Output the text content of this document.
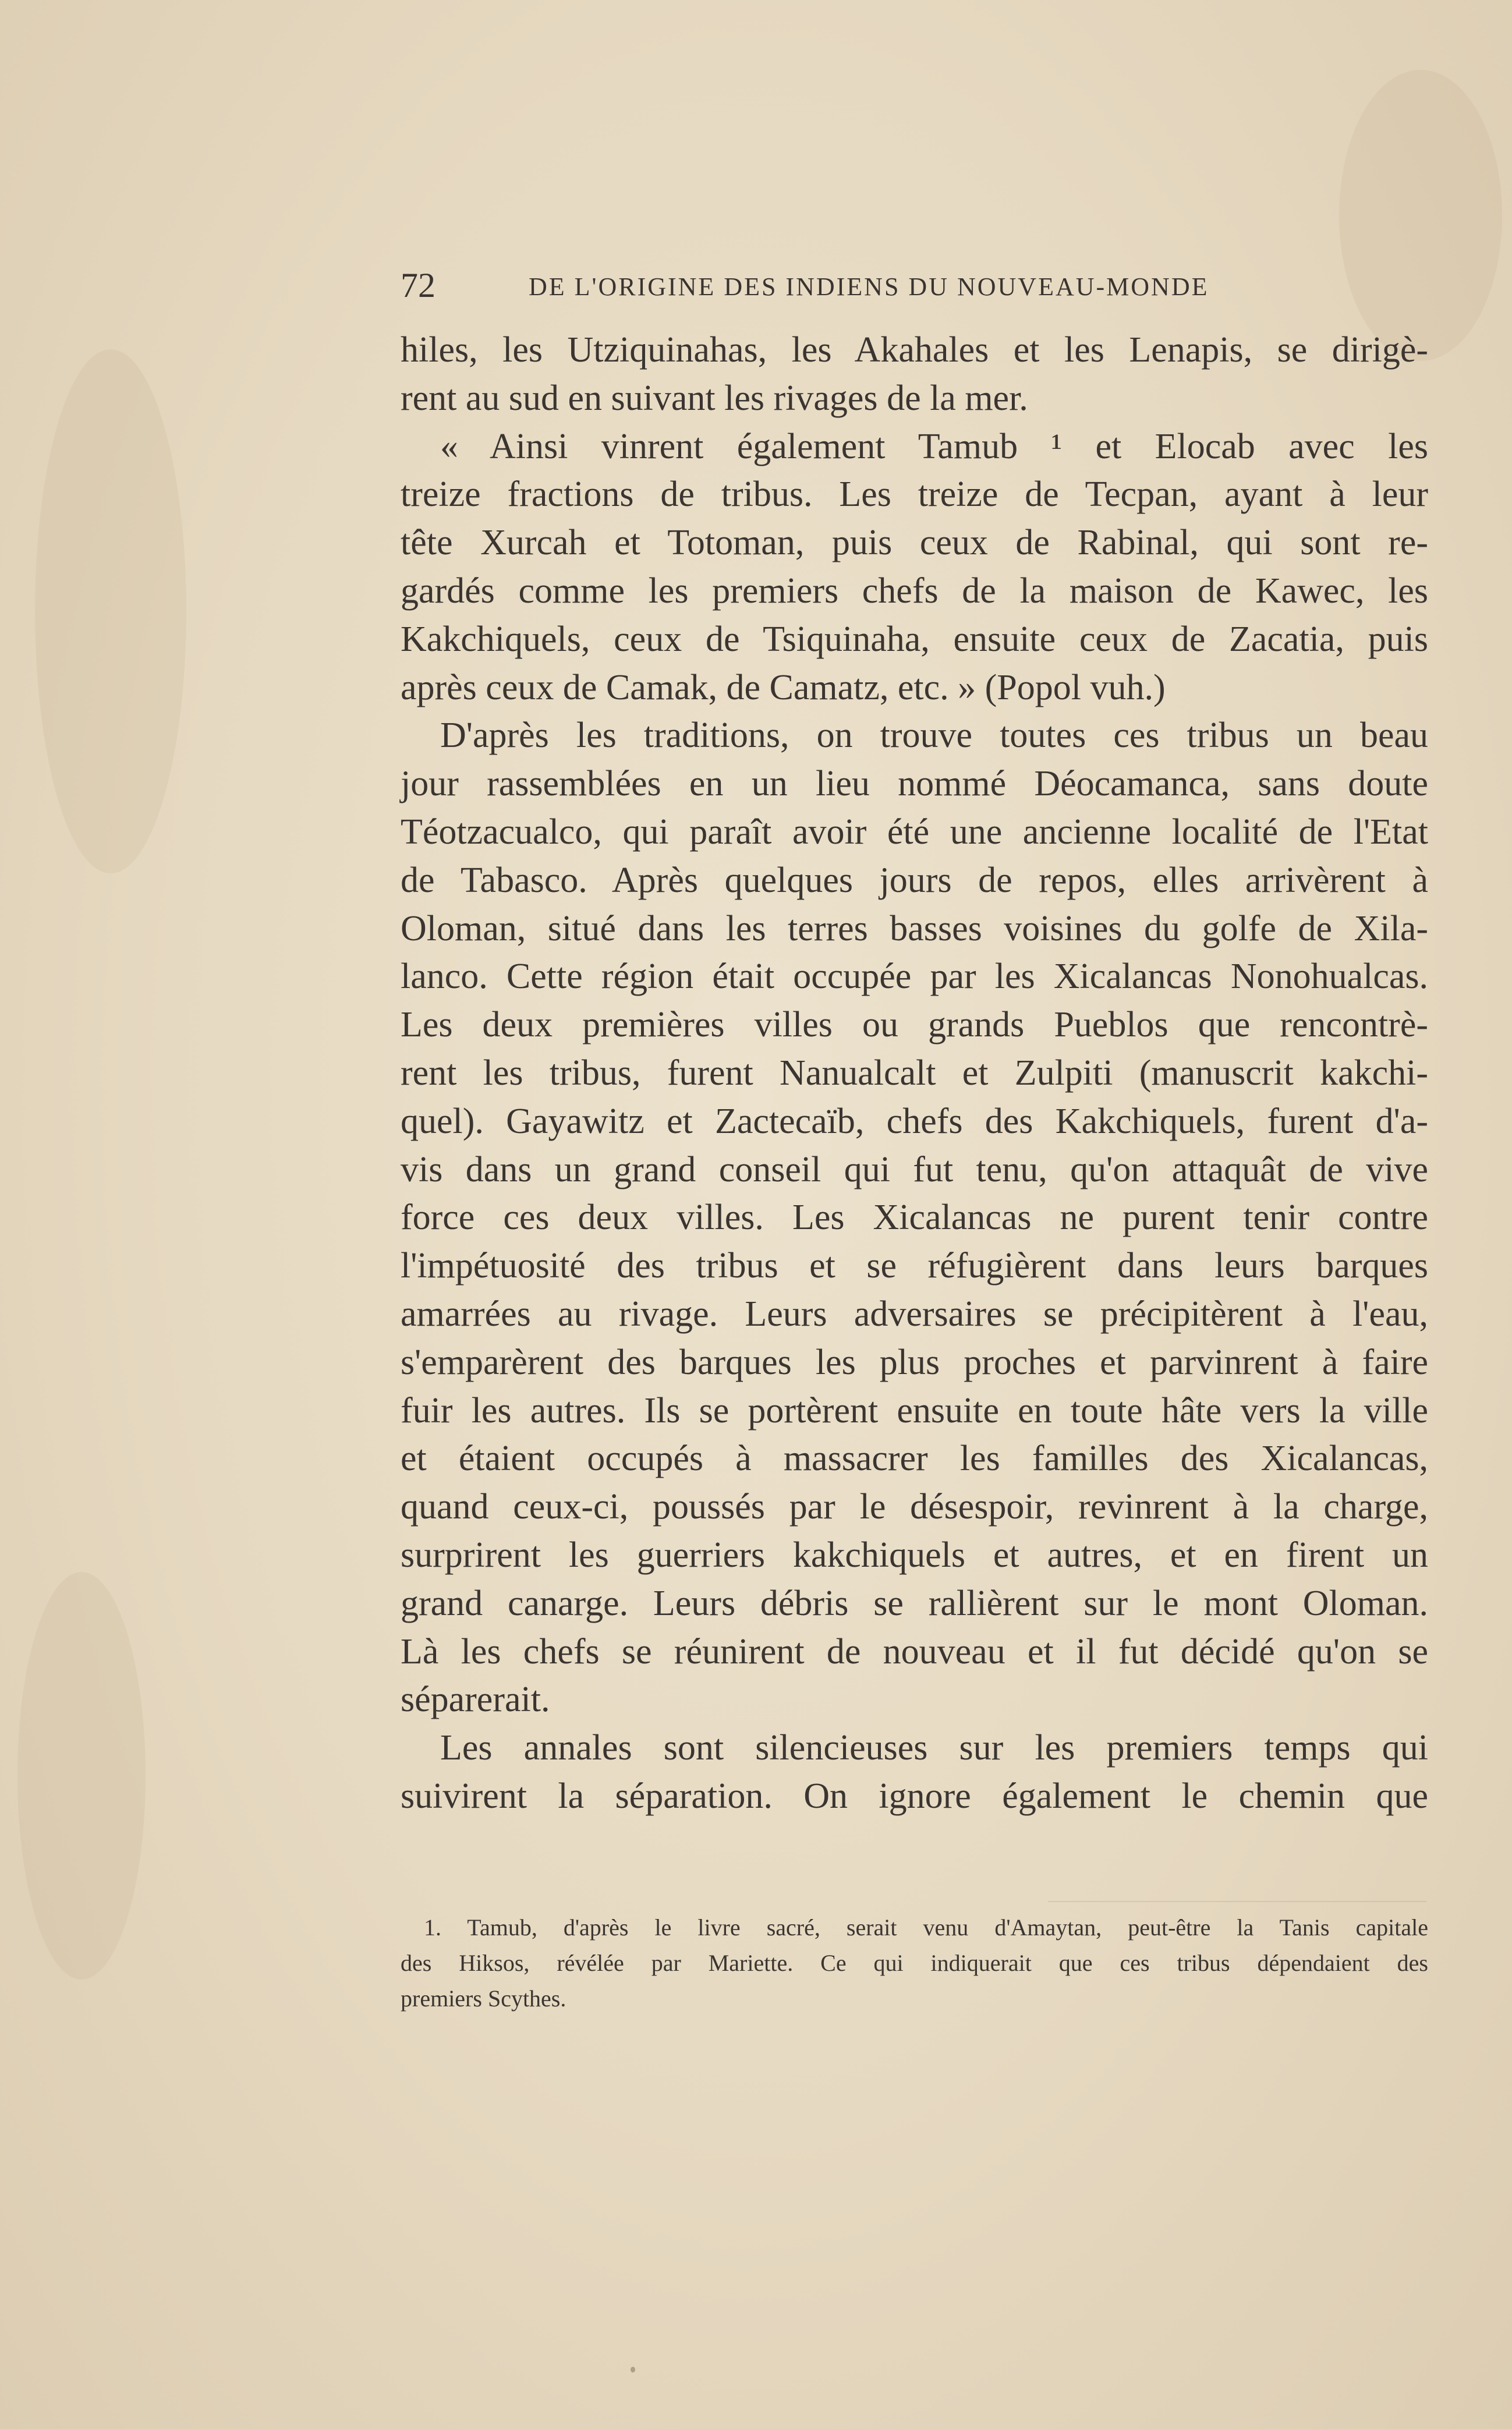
72	DE L'ORIGINE DES INDIENS DU NOUVEAU-MONDE
hiles, les Utziquinahas, les Akahales et les Lenapis, se dirigè-
rent au sud en suivant les rivages de la mer.
« Ainsi vinrent également Tamub ¹ et Elocab avec les
treize fractions de tribus. Les treize de Tecpan, ayant à leur
tête Xurcah et Totoman, puis ceux de Rabinal, qui sont re-
gardés comme les premiers chefs de la maison de Kawec, les
Kakchiquels, ceux de Tsiquinaha, ensuite ceux de Zacatia, puis
après ceux de Camak, de Camatz, etc. » (Popol vuh.)
D'après les traditions, on trouve toutes ces tribus un beau
jour rassemblées en un lieu nommé Déocamanca, sans doute
Téotzacualco, qui paraît avoir été une ancienne localité de l'Etat
de Tabasco. Après quelques jours de repos, elles arrivèrent à
Oloman, situé dans les terres basses voisines du golfe de Xila-
lanco. Cette région était occupée par les Xicalancas Nonohualcas.
Les deux premières villes ou grands Pueblos que rencontrè-
rent les tribus, furent Nanualcalt et Zulpiti (manuscrit kakchi-
quel). Gayawitz et Zactecaïb, chefs des Kakchiquels, furent d'a-
vis dans un grand conseil qui fut tenu, qu'on attaquât de vive
force ces deux villes. Les Xicalancas ne purent tenir contre
l'impétuosité des tribus et se réfugièrent dans leurs barques
amarrées au rivage. Leurs adversaires se précipitèrent à l'eau,
s'emparèrent des barques les plus proches et parvinrent à faire
fuir les autres. Ils se portèrent ensuite en toute hâte vers la ville
et étaient occupés à massacrer les familles des Xicalancas,
quand ceux-ci, poussés par le désespoir, revinrent à la charge,
surprirent les guerriers kakchiquels et autres, et en firent un
grand canarge. Leurs débris se rallièrent sur le mont Oloman.
Là les chefs se réunirent de nouveau et il fut décidé qu'on se
séparerait.
Les annales sont silencieuses sur les premiers temps qui
suivirent la séparation. On ignore également le chemin que
1. Tamub, d'après le livre sacré, serait venu d'Amaytan, peut-être la Tanis capitale
des Hiksos, révélée par Mariette. Ce qui indiquerait que ces tribus dépendaient des
premiers Scythes.
